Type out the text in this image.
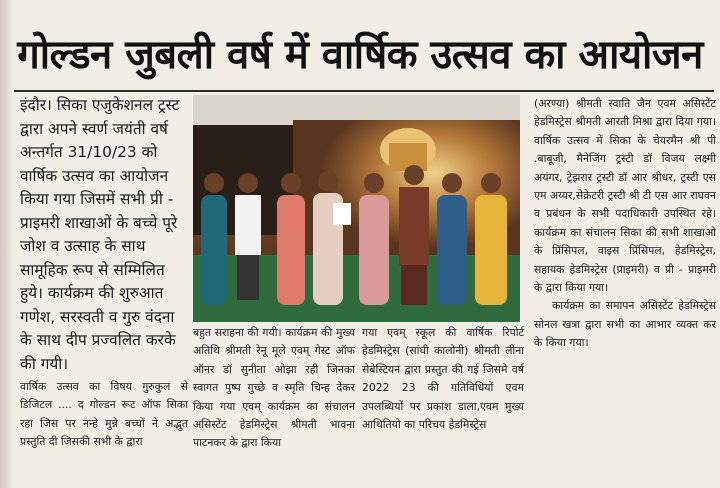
गोल्डन जुबली वर्ष में वार्षिक उत्सव का आयोजन

इंदौर। सिका एजुकेशनल ट्रस्ट द्वारा अपने स्वर्ण जयंती वर्ष अन्तर्गत 31/10/23 को वार्षिक उत्सव का आयोजन किया गया जिसमें सभी प्री - प्राइमरी शाखाओं के बच्चे पूरे जोश व उत्साह के साथ सामूहिक रूप से सम्मिलित हुये। कार्यक्रम की शुरुआत गणेश, सरस्वती व गुरु वंदना के साथ दीप प्रज्वलित करके की गयी।

बहुत सराहना की गयी। कार्यक्रम की मुख्य अतिथि श्रीमती रेनू मूले एवम् गेस्ट ऑफ ऑनर डॉ सुनीता ओझा रही जिनका स्वागत पुष्प गुच्छे व स्मृति चिन्ह देकर किया गया एवम् कार्यक्रम का संचालन असिस्टेंट हेडमिस्ट्रेस श्रीमती भावना पाटनकर के द्वारा किया

गया एवम् स्कूल की वार्षिक रिपोर्ट हेडमिस्ट्रेस (सांघी कालोनी) श्रीमती लीना सेबेस्टियन द्वारा प्रस्तुत की गई जिसमे वर्ष 2022 23 की गतिविधियों एवम उपलब्धियों पर प्रकाश डाला,एवम मुख्य आथितियो का परिचय हेडमिस्ट्रेस

वार्षिक उत्सव का विषय गुरुकुल से डिजिटल .... द गोल्डन रूट ऑफ सिका रहा जिस पर नन्हे मुन्ने बच्चों ने अद्भुत प्रस्तुति दी जिसकी सभी के द्वारा

(अरण्या) श्रीमती स्वाति जैन एवम असिस्टेंट हेडमिस्ट्रेस श्रीमती आरती मिश्रा द्वारा दिया गया। वार्षिक उत्सव में सिका के चेयरमैन श्री पी .बाबूजी, मैनेजिंग ट्रस्टी डॉ विजय लक्ष्मी अयंगर, ट्रेझरार ट्रस्टी डॉ आर श्रीधर, ट्रस्टी एस एम अय्यर,सेक्रेटरी ट्रस्टी श्री टी एस आर राघवन व प्रबंधन के सभी पदाधिकारी उपस्थित रहे। कार्यक्रम का संचालन सिका की सभी शाखाओ के प्रिंसिपल, वाइस प्रिंसिपल, हेडमिस्ट्रेस, सहायक हेडमिस्ट्रेस (प्राइमरी) व प्री - प्राइमरी के द्वारा किया गया।

कार्यक्रम का समापन असिस्टेंट हेडमिस्ट्रेस सोनल खत्रा द्वारा सभी का आभार व्यक्त कर के किया गया।
